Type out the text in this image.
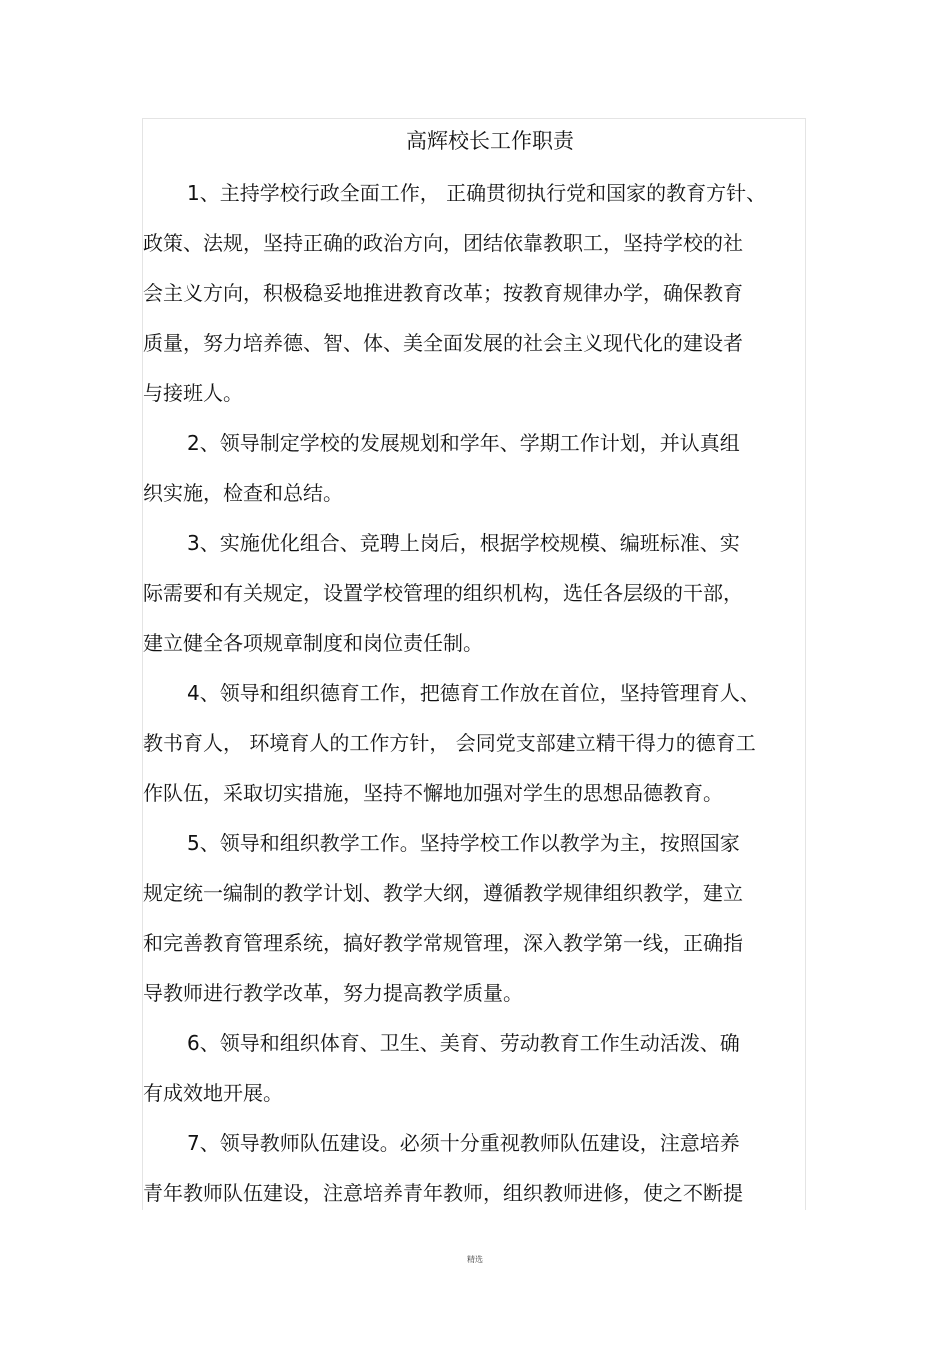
高辉校长工作职责

1、主持学校行政全面工作， 正确贯彻执行党和国家的教育方针、
政策、法规，坚持正确的政治方向，团结依靠教职工，坚持学校的社
会主义方向，积极稳妥地推进教育改革；按教育规律办学，确保教育
质量，努力培养德、智、体、美全面发展的社会主义现代化的建设者
与接班人。

2、领导制定学校的发展规划和学年、学期工作计划，并认真组
织实施，检查和总结。

3、实施优化组合、竞聘上岗后，根据学校规模、编班标准、实
际需要和有关规定，设置学校管理的组织机构，选任各层级的干部，
建立健全各项规章制度和岗位责任制。

4、领导和组织德育工作，把德育工作放在首位，坚持管理育人、
教书育人， 环境育人的工作方针， 会同党支部建立精干得力的德育工
作队伍，采取切实措施，坚持不懈地加强对学生的思想品德教育。

5、领导和组织教学工作。坚持学校工作以教学为主，按照国家
规定统一编制的教学计划、教学大纲，遵循教学规律组织教学，建立
和完善教育管理系统，搞好教学常规管理，深入教学第一线，正确指
导教师进行教学改革，努力提高教学质量。

6、领导和组织体育、卫生、美育、劳动教育工作生动活泼、确
有成效地开展。

7、领导教师队伍建设。必须十分重视教师队伍建设，注意培养
青年教师队伍建设，注意培养青年教师，组织教师进修，使之不断提

精选
